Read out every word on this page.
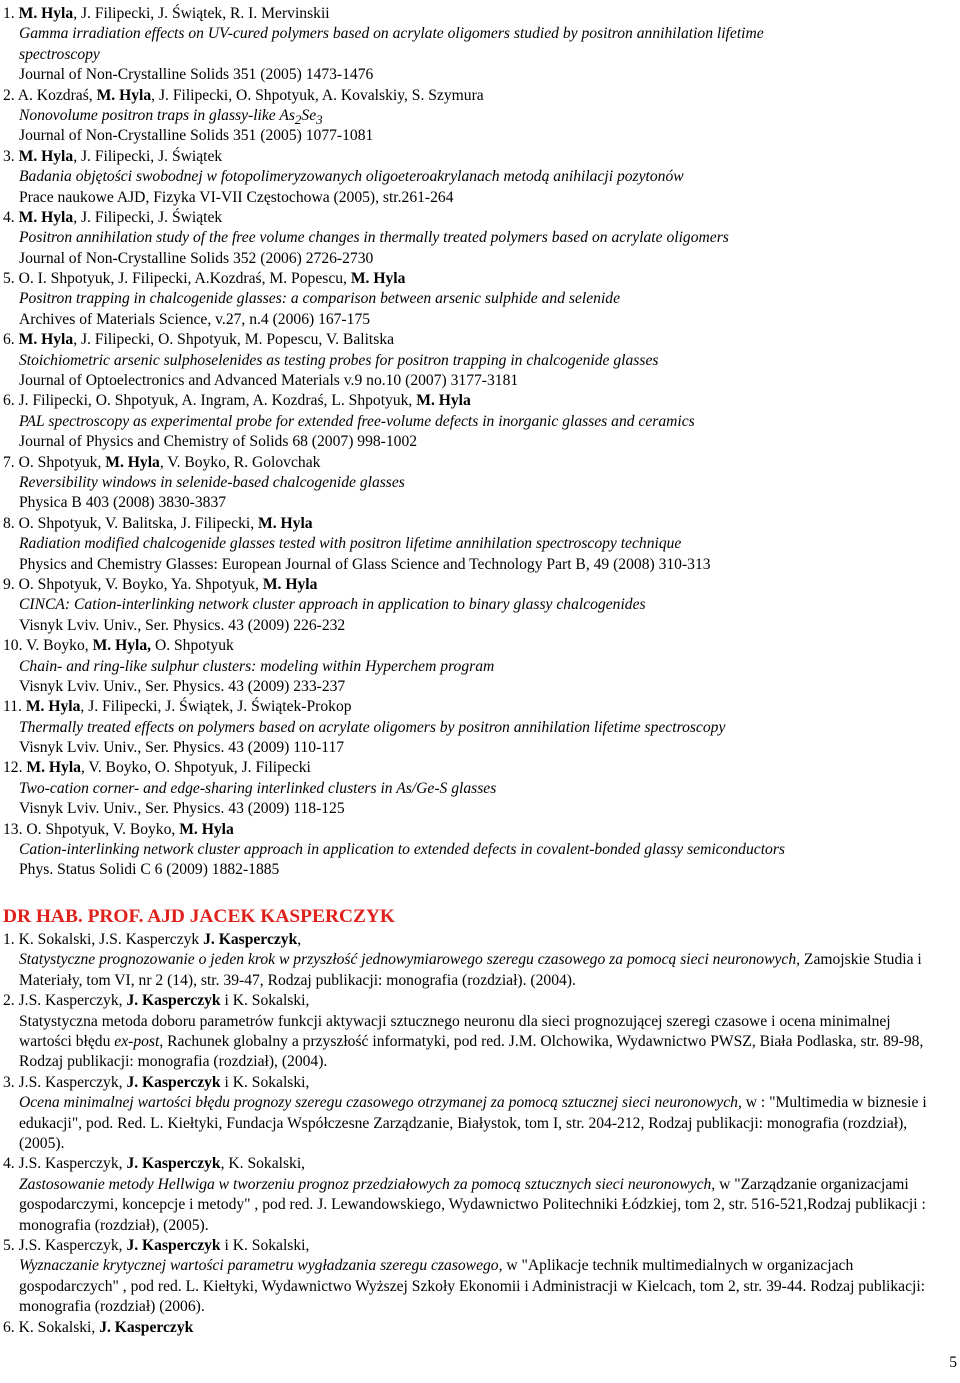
1. M. Hyla, J. Filipecki, J. Świątek, R. I. Mervinskii
Gamma irradiation effects on UV-cured polymers based on acrylate oligomers studied by positron annihilation lifetime
spectroscopy
Journal of Non-Crystalline Solids 351 (2005) 1473-1476
2. A. Kozdraś, M. Hyla, J. Filipecki, O. Shpotyuk, A. Kovalskiy, S. Szymura
Nonovolume positron traps in glassy-like $As_2Se_3$
Journal of Non-Crystalline Solids 351 (2005) 1077-1081
3. M. Hyla, J. Filipecki, J. Świątek
Badania objętości swobodnej w fotopolimeryzowanych oligoeteroakrylanach metodą anihilacji pozytonów
Prace naukowe AJD, Fizyka VI-VII Częstochowa (2005), str.261-264
4. M. Hyla, J. Filipecki, J. Świątek
Positron annihilation study of the free volume changes in thermally treated polymers based on acrylate oligomers
Journal of Non-Crystalline Solids 352 (2006) 2726-2730
5. O. I. Shpotyuk, J. Filipecki, A.Kozdraś, M. Popescu, M. Hyla
Positron trapping in chalcogenide glasses: a comparison between arsenic sulphide and selenide
Archives of Materials Science, v.27, n.4 (2006) 167-175
6. M. Hyla, J. Filipecki, O. Shpotyuk, M. Popescu, V. Balitska
Stoichiometric arsenic sulphoselenides as testing probes for positron trapping in chalcogenide glasses
Journal of Optoelectronics and Advanced Materials v.9 no.10 (2007) 3177-3181
6. J. Filipecki, O. Shpotyuk, A. Ingram, A. Kozdraś, L. Shpotyuk, M. Hyla
PAL spectroscopy as experimental probe for extended free-volume defects in inorganic glasses and ceramics
Journal of Physics and Chemistry of Solids 68 (2007) 998-1002
7. O. Shpotyuk, M. Hyla, V. Boyko, R. Golovchak
Reversibility windows in selenide-based chalcogenide glasses
Physica B 403 (2008) 3830-3837
8. O. Shpotyuk, V. Balitska, J. Filipecki, M. Hyla
Radiation modified chalcogenide glasses tested with positron lifetime annihilation spectroscopy technique
Physics and Chemistry Glasses: European Journal of Glass Science and Technology Part B, 49 (2008) 310-313
9. O. Shpotyuk, V. Boyko, Ya. Shpotyuk, M. Hyla
CINCA: Cation-interlinking network cluster approach in application to binary glassy chalcogenides
Visnyk Lviv. Univ., Ser. Physics. 43 (2009) 226-232
10. V. Boyko, M. Hyla, O. Shpotyuk
Chain- and ring-like sulphur clusters: modeling within Hyperchem program
Visnyk Lviv. Univ., Ser. Physics. 43 (2009) 233-237
11. M. Hyla, J. Filipecki, J. Świątek, J. Świątek-Prokop
Thermally treated effects on polymers based on acrylate oligomers by positron annihilation lifetime spectroscopy
Visnyk Lviv. Univ., Ser. Physics. 43 (2009) 110-117
12. M. Hyla, V. Boyko, O. Shpotyuk, J. Filipecki
Two-cation corner- and edge-sharing interlinked clusters in As/Ge-S glasses
Visnyk Lviv. Univ., Ser. Physics. 43 (2009) 118-125
13. O. Shpotyuk, V. Boyko, M. Hyla
Cation-interlinking network cluster approach in application to extended defects in covalent-bonded glassy semiconductors
Phys. Status Solidi C 6 (2009) 1882-1885
DR HAB. PROF. AJD JACEK KASPERCZYK
1. K. Sokalski, J.S. Kasperczyk J. Kasperczyk,
Statystyczne prognozowanie o jeden krok w przyszłość jednowymiarowego szeregu czasowego za pomocą sieci neuronowych, Zamojskie Studia i Materiały, tom VI, nr 2 (14), str. 39-47, Rodzaj publikacji: monografia (rozdział). (2004).
2. J.S. Kasperczyk, J. Kasperczyk i K. Sokalski,
Statystyczna metoda doboru parametrów funkcji aktywacji sztucznego neuronu dla sieci prognozującej szeregi czasowe i ocena minimalnej wartości błędu ex-post, Rachunek globalny a przyszłość informatyki, pod red. J.M. Olchowika, Wydawnictwo PWSZ, Biała Podlaska, str. 89-98, Rodzaj publikacji: monografia (rozdział), (2004).
3. J.S. Kasperczyk, J. Kasperczyk i K. Sokalski,
Ocena minimalnej wartości błędu prognozy szeregu czasowego otrzymanej za pomocą sztucznej sieci neuronowych, w : "Multimedia w biznesie i edukacji", pod. Red. L. Kiełtyki, Fundacja Współczesne Zarządzanie, Białystok, tom I, str. 204-212, Rodzaj publikacji: monografia (rozdział), (2005).
4. J.S. Kasperczyk, J. Kasperczyk, K. Sokalski,
Zastosowanie metody Hellwiga w tworzeniu prognoz przedziałowych za pomocą sztucznych sieci neuronowych, w "Zarządzanie organizacjami gospodarczymi, koncepcje i metody" , pod red. J. Lewandowskiego, Wydawnictwo Politechniki Łódzkiej, tom 2, str. 516-521,Rodzaj publikacji : monografia (rozdział), (2005).
5. J.S. Kasperczyk, J. Kasperczyk i K. Sokalski,
Wyznaczanie krytycznej wartości parametru wygładzania szeregu czasowego, w "Aplikacje technik multimedialnych w organizacjach gospodarczych" , pod red. L. Kiełtyki, Wydawnictwo Wyższej Szkoły Ekonomii i Administracji w Kielcach, tom 2, str. 39-44. Rodzaj publikacji: monografia (rozdział) (2006).
6. K. Sokalski, J. Kasperczyk
5
